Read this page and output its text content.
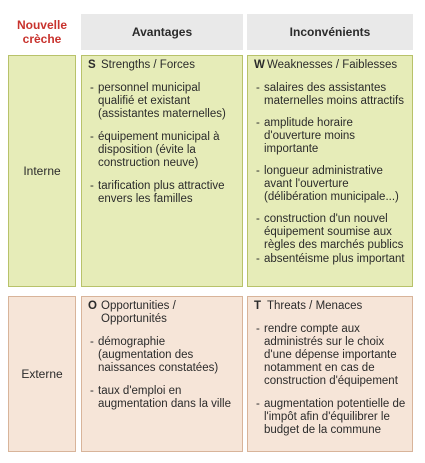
Nouvelle crèche	Avantages	Inconvénients
Interne
Externe
S Strengths / Forces
- personnel municipal qualifié et existant (assistantes maternelles)
- équipement municipal à disposition (évite la construction neuve)
- tarification plus attractive envers les familles
W Weaknesses / Faiblesses
- salaires des assistantes maternelles moins attractifs
- amplitude horaire d'ouverture moins importante
- longueur administrative avant l'ouverture (délibération municipale...)
- construction d'un nouvel équipement soumise aux règles des marchés publics
- absentéisme plus important
O Opportunities / Opportunités
- démographie (augmentation des naissances constatées)
- taux d'emploi en augmentation dans la ville
T Threats / Menaces
- rendre compte aux administrés sur le choix d'une dépense importante notamment en cas de construction d'équipement
- augmentation potentielle de l'impôt afin d'équilibrer le budget de la commune
